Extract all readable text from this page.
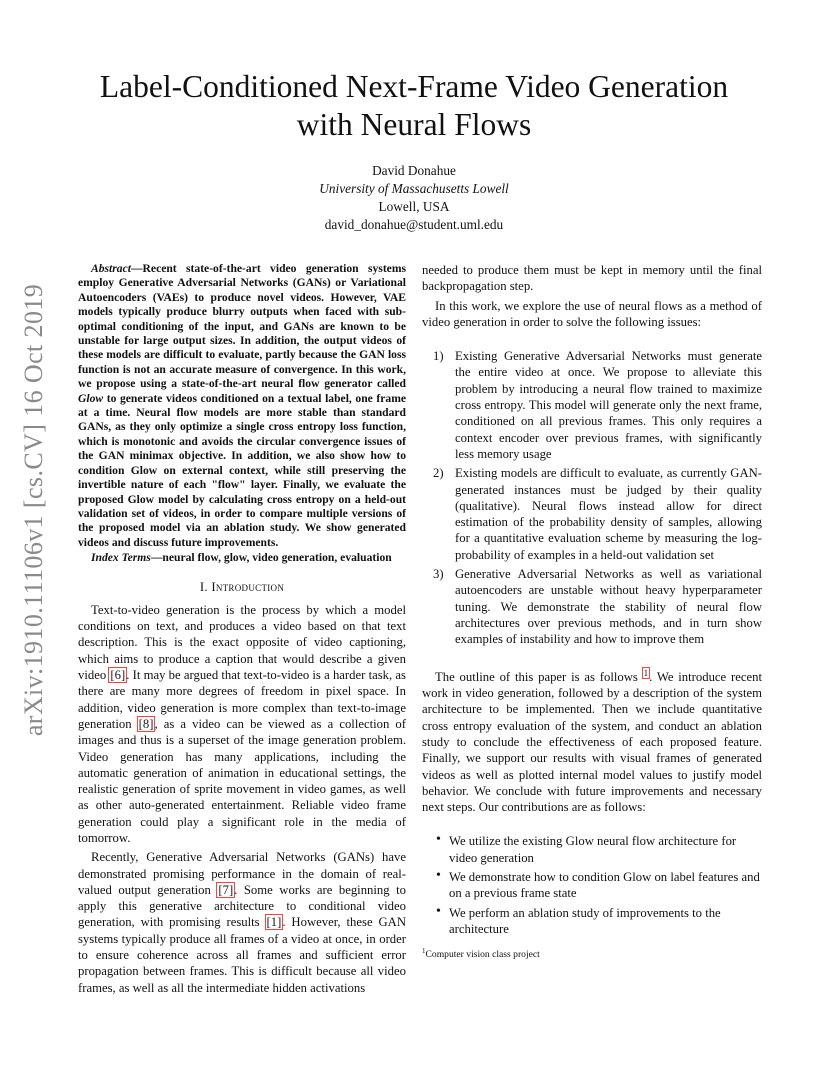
arXiv:1910.11106v1 [cs.CV] 16 Oct 2019
Label-Conditioned Next-Frame Video Generation
with Neural Flows
David Donahue
University of Massachusetts Lowell
Lowell, USA
david_donahue@student.uml.edu

Abstract—Recent state-of-the-art video generation systems employ Generative Adversarial Networks (GANs) or Variational Autoencoders (VAEs) to produce novel videos. However, VAE models typically produce blurry outputs when faced with sub-optimal conditioning of the input, and GANs are known to be unstable for large output sizes. In addition, the output videos of these models are difficult to evaluate, partly because the GAN loss function is not an accurate measure of convergence. In this work, we propose using a state-of-the-art neural flow generator called Glow to generate videos conditioned on a textual label, one frame at a time. Neural flow models are more stable than standard GANs, as they only optimize a single cross entropy loss function, which is monotonic and avoids the circular convergence issues of the GAN minimax objective. In addition, we also show how to condition Glow on external context, while still preserving the invertible nature of each "flow" layer. Finally, we evaluate the proposed Glow model by calculating cross entropy on a held-out validation set of videos, in order to compare multiple versions of the proposed model via an ablation study. We show generated videos and discuss future improvements.

Index Terms—neural flow, glow, video generation, evaluation

I. Introduction

Text-to-video generation is the process by which a model conditions on text, and produces a video based on that text description. This is the exact opposite of video captioning, which aims to produce a caption that would describe a given video [6]. It may be argued that text-to-video is a harder task, as there are many more degrees of freedom in pixel space. In addition, video generation is more complex than text-to-image generation [8], as a video can be viewed as a collection of images and thus is a superset of the image generation problem. Video generation has many applications, including the automatic generation of animation in educational settings, the realistic generation of sprite movement in video games, as well as other auto-generated entertainment. Reliable video frame generation could play a significant role in the media of tomorrow.

Recently, Generative Adversarial Networks (GANs) have demonstrated promising performance in the domain of real-valued output generation [7]. Some works are beginning to apply this generative architecture to conditional video generation, with promising results [1]. However, these GAN systems typically produce all frames of a video at once, in order to ensure coherence across all frames and sufficient error propagation between frames. This is difficult because all video frames, as well as all the intermediate hidden activations

needed to produce them must be kept in memory until the final backpropagation step.

In this work, we explore the use of neural flows as a method of video generation in order to solve the following issues:

1) Existing Generative Adversarial Networks must generate the entire video at once. We propose to alleviate this problem by introducing a neural flow trained to maximize cross entropy. This model will generate only the next frame, conditioned on all previous frames. This only requires a context encoder over previous frames, with significantly less memory usage
2) Existing models are difficult to evaluate, as currently GAN-generated instances must be judged by their quality (qualitative). Neural flows instead allow for direct estimation of the probability density of samples, allowing for a quantitative evaluation scheme by measuring the log-probability of examples in a held-out validation set
3) Generative Adversarial Networks as well as variational autoencoders are unstable without heavy hyperparameter tuning. We demonstrate the stability of neural flow architectures over previous methods, and in turn show examples of instability and how to improve them

The outline of this paper is as follows $^1$. We introduce recent work in video generation, followed by a description of the system architecture to be implemented. Then we include quantitative cross entropy evaluation of the system, and conduct an ablation study to conclude the effectiveness of each proposed feature. Finally, we support our results with visual frames of generated videos as well as plotted internal model values to justify model behavior. We conclude with future improvements and necessary next steps. Our contributions are as follows:

• We utilize the existing Glow neural flow architecture for video generation
• We demonstrate how to condition Glow on label features and on a previous frame state
• We perform an ablation study of improvements to the architecture

$^1$Computer vision class project
